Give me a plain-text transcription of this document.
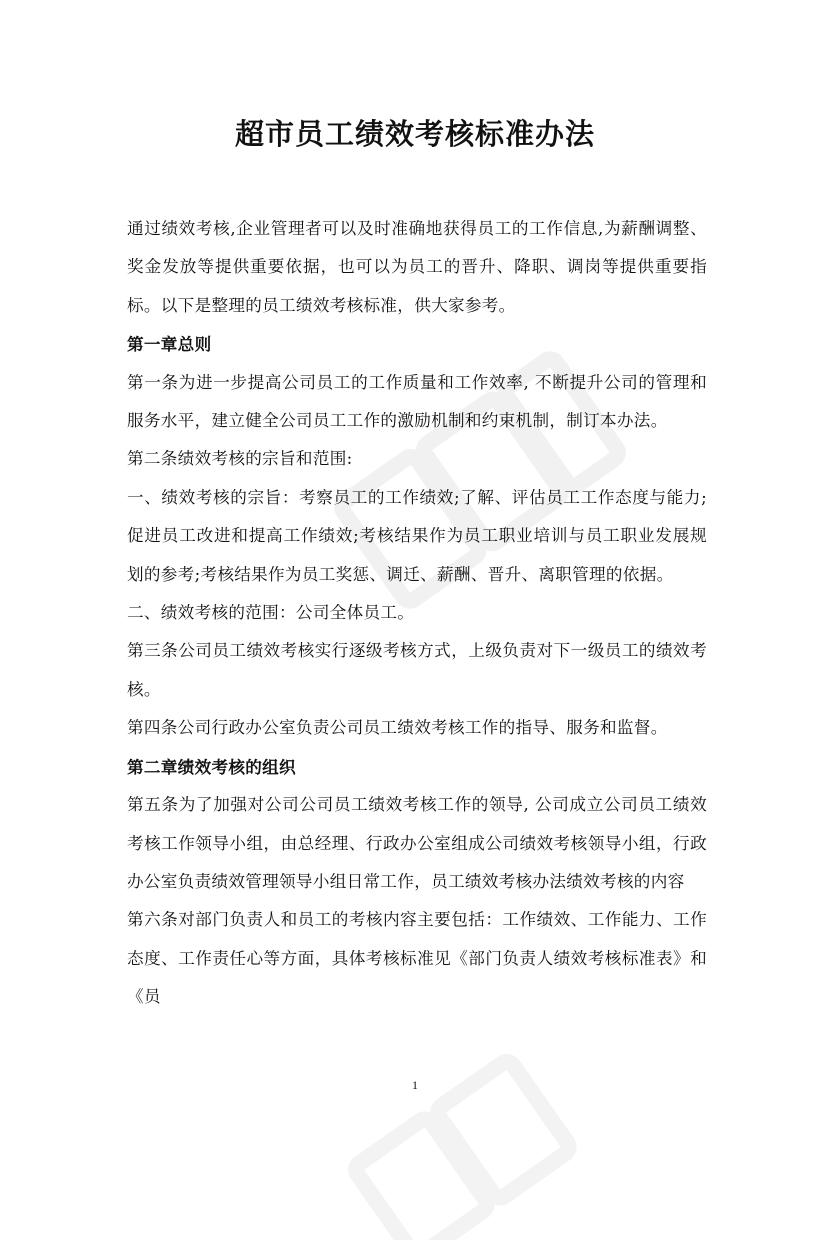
超市员工绩效考核标准办法

通过绩效考核,企业管理者可以及时准确地获得员工的工作信息,为薪酬调整、奖金发放等提供重要依据，也可以为员工的晋升、降职、调岗等提供重要指标。以下是整理的员工绩效考核标准，供大家参考。

第一章总则

第一条为进一步提高公司员工的工作质量和工作效率, 不断提升公司的管理和服务水平，建立健全公司员工工作的激励机制和约束机制，制订本办法。

第二条绩效考核的宗旨和范围:

一、绩效考核的宗旨：考察员工的工作绩效;了解、评估员工工作态度与能力;促进员工改进和提高工作绩效;考核结果作为员工职业培训与员工职业发展规划的参考;考核结果作为员工奖惩、调迁、薪酬、晋升、离职管理的依据。

二、绩效考核的范围：公司全体员工。

第三条公司员工绩效考核实行逐级考核方式，上级负责对下一级员工的绩效考核。

第四条公司行政办公室负责公司员工绩效考核工作的指导、服务和监督。

第二章绩效考核的组织

第五条为了加强对公司公司员工绩效考核工作的领导, 公司成立公司员工绩效考核工作领导小组，由总经理、行政办公室组成公司绩效考核领导小组，行政办公室负责绩效管理领导小组日常工作，员工绩效考核办法绩效考核的内容

第六条对部门负责人和员工的考核内容主要包括：工作绩效、工作能力、工作态度、工作责任心等方面，具体考核标准见《部门负责人绩效考核标准表》和《员

1
